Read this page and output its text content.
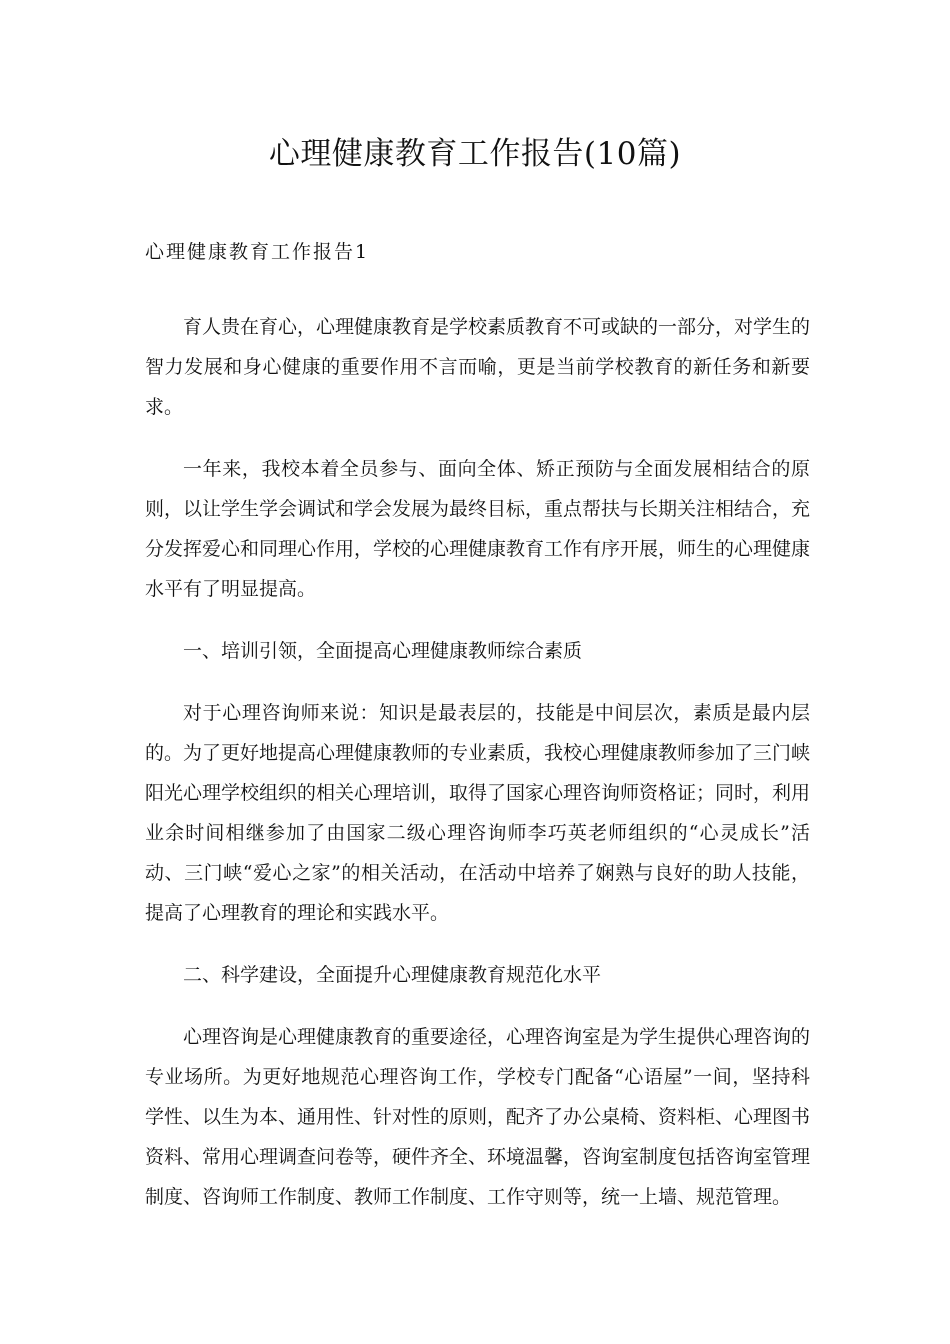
心理健康教育工作报告(10篇)
心理健康教育工作报告1

育人贵在育心，心理健康教育是学校素质教育不可或缺的一部分，对学生的智力发展和身心健康的重要作用不言而喻，更是当前学校教育的新任务和新要求。

一年来，我校本着全员参与、面向全体、矫正预防与全面发展相结合的原则，以让学生学会调试和学会发展为最终目标，重点帮扶与长期关注相结合，充分发挥爱心和同理心作用，学校的心理健康教育工作有序开展，师生的心理健康水平有了明显提高。

一、培训引领，全面提高心理健康教师综合素质

对于心理咨询师来说：知识是最表层的，技能是中间层次，素质是最内层的。为了更好地提高心理健康教师的专业素质，我校心理健康教师参加了三门峡阳光心理学校组织的相关心理培训，取得了国家心理咨询师资格证；同时，利用业余时间相继参加了由国家二级心理咨询师李巧英老师组织的“心灵成长”活动、三门峡“爱心之家”的相关活动，在活动中培养了娴熟与良好的助人技能，提高了心理教育的理论和实践水平。

二、科学建设，全面提升心理健康教育规范化水平

心理咨询是心理健康教育的重要途径，心理咨询室是为学生提供心理咨询的专业场所。为更好地规范心理咨询工作，学校专门配备“心语屋”一间，坚持科学性、以生为本、通用性、针对性的原则，配齐了办公桌椅、资料柜、心理图书资料、常用心理调查问卷等，硬件齐全、环境温馨，咨询室制度包括咨询室管理制度、咨询师工作制度、教师工作制度、工作守则等，统一上墙、规范管理。
